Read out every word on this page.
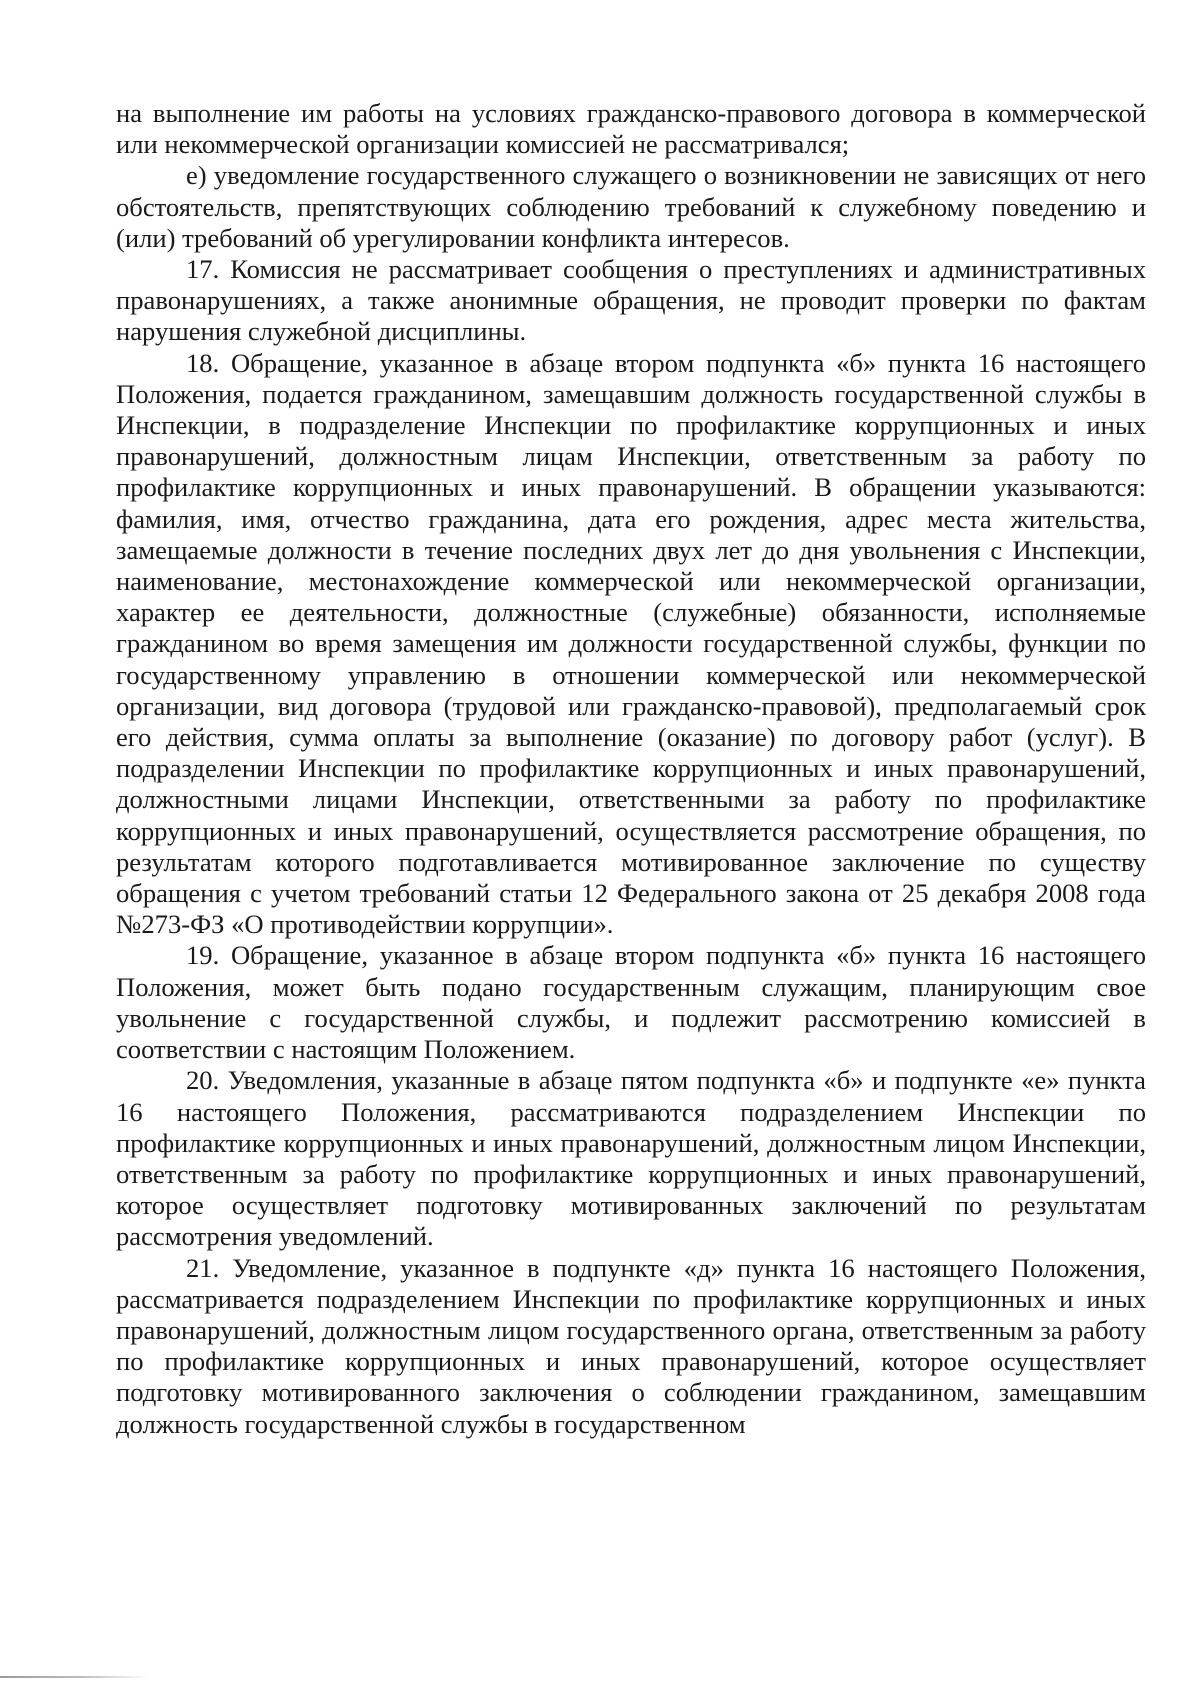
на выполнение им работы на условиях гражданско-правового договора в коммерческой или некоммерческой организации комиссией не рассматривался;

е) уведомление государственного служащего о возникновении не зависящих от него обстоятельств, препятствующих соблюдению требований к служебному поведению и (или) требований об урегулировании конфликта интересов.

17. Комиссия не рассматривает сообщения о преступлениях и административных правонарушениях, а также анонимные обращения, не проводит проверки по фактам нарушения служебной дисциплины.

18. Обращение, указанное в абзаце втором подпункта «б» пункта 16 настоящего Положения, подается гражданином, замещавшим должность государственной службы в Инспекции, в подразделение Инспекции по профилактике коррупционных и иных правонарушений, должностным лицам Инспекции, ответственным за работу по профилактике коррупционных и иных правонарушений. В обращении указываются: фамилия, имя, отчество гражданина, дата его рождения, адрес места жительства, замещаемые должности в течение последних двух лет до дня увольнения с Инспекции, наименование, местонахождение коммерческой или некоммерческой организации, характер ее деятельности, должностные (служебные) обязанности, исполняемые гражданином во время замещения им должности государственной службы, функции по государственному управлению в отношении коммерческой или некоммерческой организации, вид договора (трудовой или гражданско-правовой), предполагаемый срок его действия, сумма оплаты за выполнение (оказание) по договору работ (услуг). В подразделении Инспекции по профилактике коррупционных и иных правонарушений, должностными лицами Инспекции, ответственными за работу по профилактике коррупционных и иных правонарушений, осуществляется рассмотрение обращения, по результатам которого подготавливается мотивированное заключение по существу обращения с учетом требований статьи 12 Федерального закона от 25 декабря 2008 года №273-ФЗ «О противодействии коррупции».

19. Обращение, указанное в абзаце втором подпункта «б» пункта 16 настоящего Положения, может быть подано государственным служащим, планирующим свое увольнение с государственной службы, и подлежит рассмотрению комиссией в соответствии с настоящим Положением.

20. Уведомления, указанные в абзаце пятом подпункта «б» и подпункте «е» пункта 16 настоящего Положения, рассматриваются подразделением Инспекции по профилактике коррупционных и иных правонарушений, должностным лицом Инспекции, ответственным за работу по профилактике коррупционных и иных правонарушений, которое осуществляет подготовку мотивированных заключений по результатам рассмотрения уведомлений.

21. Уведомление, указанное в подпункте «д» пункта 16 настоящего Положения, рассматривается подразделением Инспекции по профилактике коррупционных и иных правонарушений, должностным лицом государственного органа, ответственным за работу по профилактике коррупционных и иных правонарушений, которое осуществляет подготовку мотивированного заключения о соблюдении гражданином, замещавшим должность государственной службы в государственном
